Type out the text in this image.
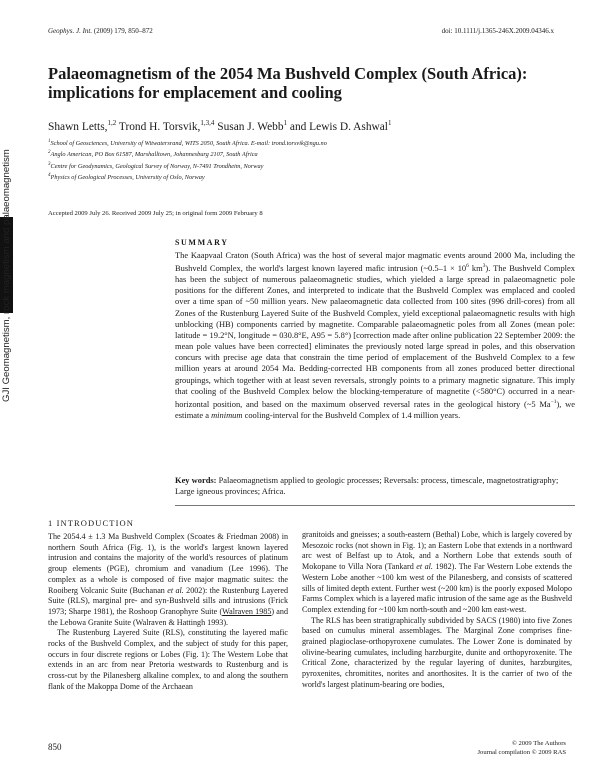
Geophys. J. Int. (2009) 179, 850–872	doi: 10.1111/j.1365-246X.2009.04346.x
GJI Geomagnetism, rock magnetism and palaeomagnetism
Palaeomagnetism of the 2054 Ma Bushveld Complex (South Africa): implications for emplacement and cooling
Shawn Letts,$^{1,2}$ Trond H. Torsvik,$^{1,3,4}$ Susan J. Webb$^1$ and Lewis D. Ashwal$^1$
$^1$School of Geosciences, University of Witwatersrand, WITS 2050, South Africa. E-mail: trond.torsvik@ngu.no
$^2$Anglo American, PO Box 61587, Marshalltown, Johannesburg 2107, South Africa
$^3$Centre for Geodynamics, Geological Survey of Norway, N-7491 Trondheim, Norway
$^4$Physics of Geological Processes, University of Oslo, Norway
Accepted 2009 July 26. Received 2009 July 25; in original form 2009 February 8
SUMMARY

The Kaapvaal Craton (South Africa) was the host of several major magmatic events around 2000 Ma, including the Bushveld Complex, the world's largest known layered mafic intrusion (~0.5–1 × $10^6$ $km^3$). The Bushveld Complex has been the subject of numerous palaeomagnetic studies, which yielded a large spread in palaeomagnetic pole positions for the different Zones, and interpreted to indicate that the Bushveld Complex was emplaced and cooled over a time span of ~50 million years. New palaeomagnetic data collected from 100 sites (996 drill-cores) from all Zones of the Rustenburg Layered Suite of the Bushveld Complex, yield exceptional palaeomagnetic results with high unblocking (HB) components carried by magnetite. Comparable palaeomagnetic poles from all Zones (mean pole: latitude = 19.2°N, longitude = 030.8°E, A95 = 5.8°) [correction made after online publication 22 September 2009: the mean pole values have been corrected] eliminates the previously noted large spread in poles, and this observation concurs with precise age data that constrain the time period of emplacement of the Bushveld Complex to a few million years at around 2054 Ma. Bedding-corrected HB components from all zones produced better directional groupings, which together with at least seven reversals, strongly points to a primary magnetic signature. This imply that cooling of the Bushveld Complex below the blocking-temperature of magnetite (<580°C) occurred in a near-horizontal position, and based on the maximum observed reversal rates in the geological history (~5 $Ma^{-1}$), we estimate a minimum cooling-interval for the Bushveld Complex of 1.4 million years.

Key words: Palaeomagnetism applied to geologic processes; Reversals: process, timescale, magnetostratigraphy; Large igneous provinces; Africa.

1 INTRODUCTION

The 2054.4 ± 1.3 Ma Bushveld Complex (Scoates & Friedman 2008) in northern South Africa (Fig. 1), is the world's largest known layered intrusion and contains the majority of the world's resources of platinum group elements (PGE), chromium and vanadium (Lee 1996). The complex as a whole is composed of five major magmatic suites: the Rooiberg Volcanic Suite (Buchanan et al. 2002): the Rustenburg Layered Suite (RLS), marginal pre- and syn-Bushveld sills and intrusions (Frick 1973; Sharpe 1981), the Roshoop Granophyre Suite (Walraven 1985) and the Lebowa Granite Suite (Walraven & Hattingh 1993).

The Rustenburg Layered Suite (RLS), constituting the layered mafic rocks of the Bushveld Complex, and the subject of study for this paper, occurs in four discrete regions or Lobes (Fig. 1): The Western Lobe that extends in an arc from near Pretoria westwards to Rustenburg and is cross-cut by the Pilanesberg alkaline complex, to and along the southern flank of the Makoppa Dome of the Archaean

granitoids and gneisses; a south-eastern (Bethal) Lobe, which is largely covered by Mesozoic rocks (not shown in Fig. 1); an Eastern Lobe that extends in a northward arc west of Belfast up to Atok, and a Northern Lobe that extends south of Mokopane to Villa Nora (Tankard et al. 1982). The Far Western Lobe extends the Western Lobe another ~100 km west of the Pilanesberg, and consists of scattered sills of limited depth extent. Further west (~200 km) is the poorly exposed Molopo Farms Complex which is a layered mafic intrusion of the same age as the Bushveld Complex extending for ~100 km north-south and ~200 km east-west.

The RLS has been stratigraphically subdivided by SACS (1980) into five Zones based on cumulus mineral assemblages. The Marginal Zone comprises fine-grained plagioclase-orthopyroxene cumulates. The Lower Zone is dominated by olivine-bearing cumulates, including harzburgite, dunite and orthopyroxenite. The Critical Zone, characterized by the regular layering of dunites, harzburgites, pyroxenites, chromitites, norites and anorthosites. It is the carrier of two of the world's largest platinum-bearing ore bodies,

850	© 2009 The Authors
Journal compilation © 2009 RAS
